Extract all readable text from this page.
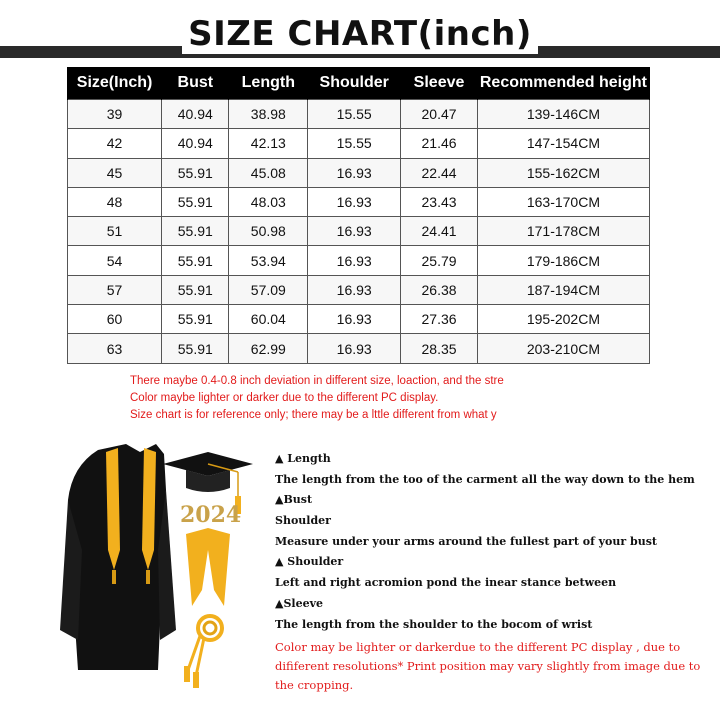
SIZE CHART(inch)
Size(Inch)	Bust	Length	Shoulder	Sleeve	Recommended height
39	40.94	38.98	15.55	20.47	139-146CM
42	40.94	42.13	15.55	21.46	147-154CM
45	55.91	45.08	16.93	22.44	155-162CM
48	55.91	48.03	16.93	23.43	163-170CM
51	55.91	50.98	16.93	24.41	171-178CM
54	55.91	53.94	16.93	25.79	179-186CM
57	55.91	57.09	16.93	26.38	187-194CM
60	55.91	60.04	16.93	27.36	195-202CM
63	55.91	62.99	16.93	28.35	203-210CM
There maybe 0.4-0.8 inch deviation in different size, loaction, and the stre
Color maybe lighter or darker due to the different PC display.
Size chart is for reference only; there may be a lttle different from what y
2024
▲ Length
The length from the too of the carment all the way down to the hem
▲Bust
Shoulder
Measure under your arms around the fullest part of your bust
▲ Shoulder
Left and right acromion pond the inear stance between
▲Sleeve
The length from the shoulder to the bocom of wrist
Color may be lighter or darkerdue to the different PC display , due to dififerent resolutions* Print position may vary slightly from image due to the cropping.
